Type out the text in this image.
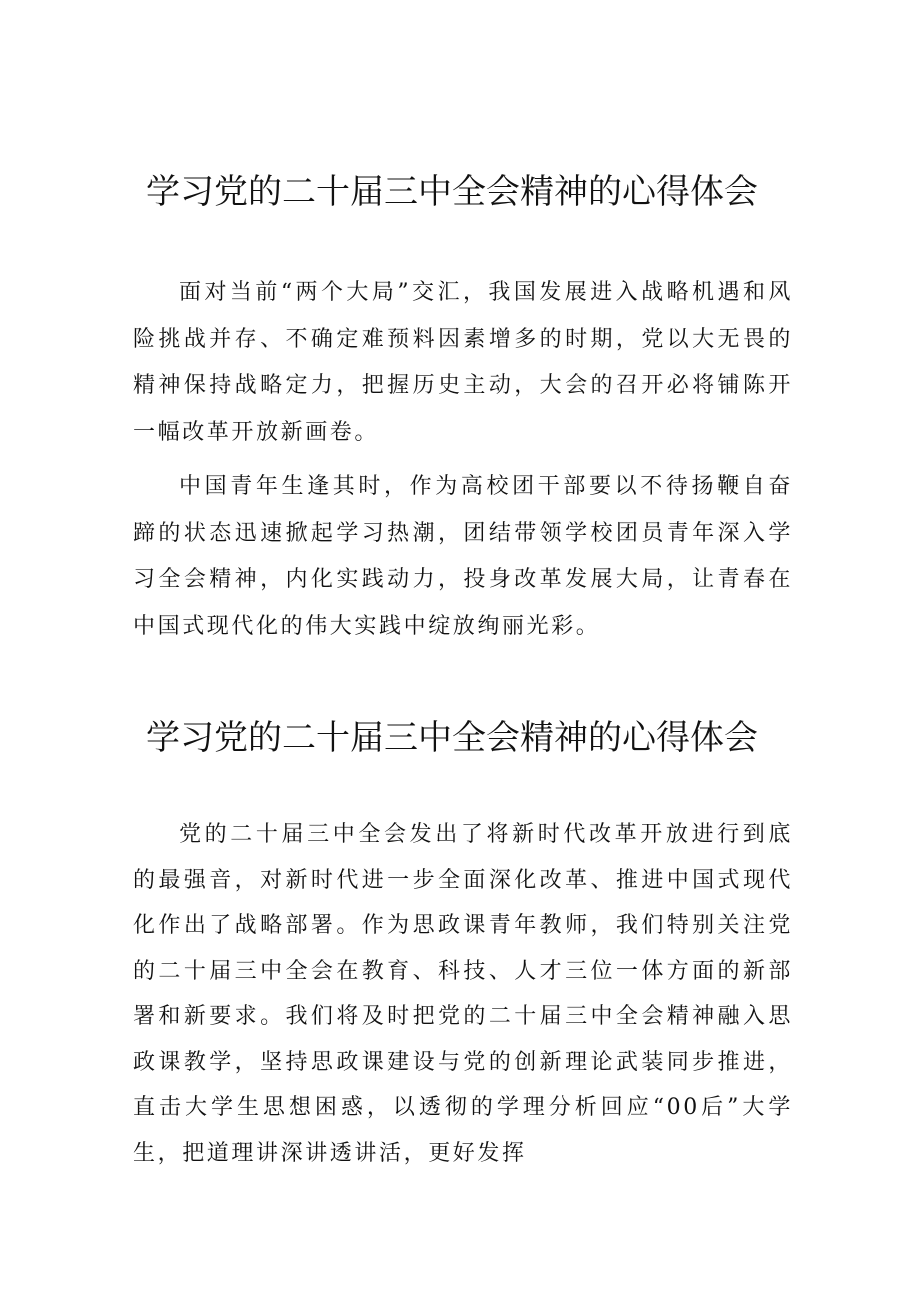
学习党的二十届三中全会精神的心得体会

面对当前“两个大局”交汇，我国发展进入战略机遇和风险挑战并存、不确定难预料因素增多的时期，党以大无畏的精神保持战略定力，把握历史主动，大会的召开必将铺陈开一幅改革开放新画卷。

中国青年生逢其时，作为高校团干部要以不待扬鞭自奋蹄的状态迅速掀起学习热潮，团结带领学校团员青年深入学习全会精神，内化实践动力，投身改革发展大局，让青春在中国式现代化的伟大实践中绽放绚丽光彩。

学习党的二十届三中全会精神的心得体会

党的二十届三中全会发出了将新时代改革开放进行到底的最强音，对新时代进一步全面深化改革、推进中国式现代化作出了战略部署。作为思政课青年教师，我们特别关注党的二十届三中全会在教育、科技、人才三位一体方面的新部署和新要求。我们将及时把党的二十届三中全会精神融入思政课教学，坚持思政课建设与党的创新理论武装同步推进，直击大学生思想困惑，以透彻的学理分析回应“00后”大学生，把道理讲深讲透讲活，更好发挥
